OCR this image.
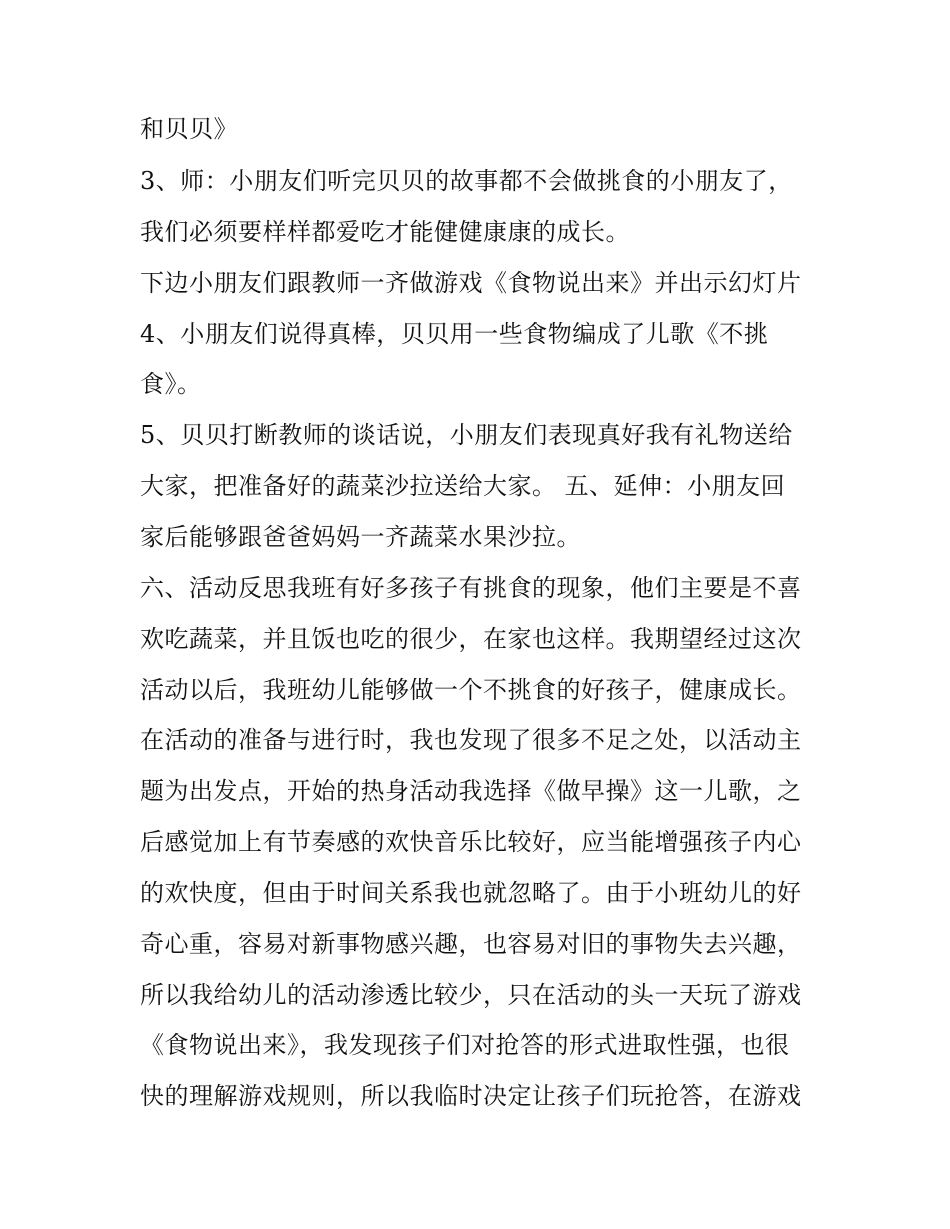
和贝贝》
3、师：小朋友们听完贝贝的故事都不会做挑食的小朋友了，
我们必须要样样都爱吃才能健健康康的成长。
下边小朋友们跟教师一齐做游戏《食物说出来》并出示幻灯片
4、小朋友们说得真棒，贝贝用一些食物编成了儿歌《不挑
食》。
5、贝贝打断教师的谈话说，小朋友们表现真好我有礼物送给
大家，把准备好的蔬菜沙拉送给大家。 五、延伸：小朋友回
家后能够跟爸爸妈妈一齐蔬菜水果沙拉。
六、活动反思我班有好多孩子有挑食的现象，他们主要是不喜
欢吃蔬菜，并且饭也吃的很少，在家也这样。我期望经过这次
活动以后，我班幼儿能够做一个不挑食的好孩子，健康成长。
在活动的准备与进行时，我也发现了很多不足之处，以活动主
题为出发点，开始的热身活动我选择《做早操》这一儿歌，之
后感觉加上有节奏感的欢快音乐比较好，应当能增强孩子内心
的欢快度，但由于时间关系我也就忽略了。由于小班幼儿的好
奇心重，容易对新事物感兴趣，也容易对旧的事物失去兴趣，
所以我给幼儿的活动渗透比较少，只在活动的头一天玩了游戏
《食物说出来》，我发现孩子们对抢答的形式进取性强，也很
快的理解游戏规则，所以我临时决定让孩子们玩抢答，在游戏
